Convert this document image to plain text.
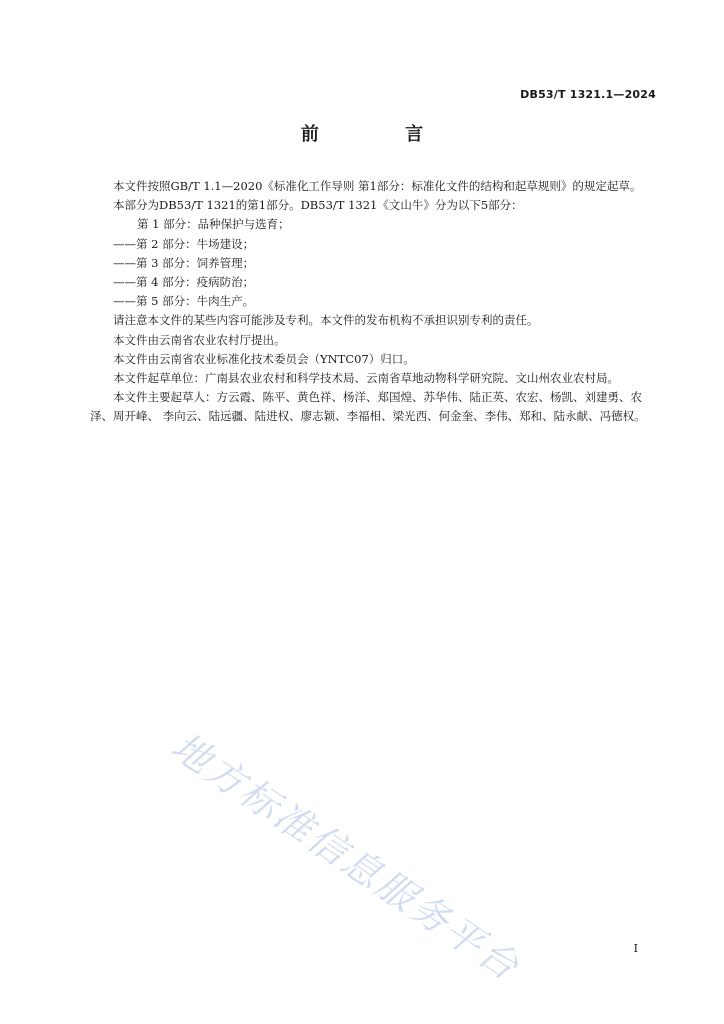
DB53/T 1321.1—2024
前 言

本文件按照GB/T 1.1—2020《标准化工作导则 第1部分：标准化文件的结构和起草规则》的规定起草。

本部分为DB53/T 1321的第1部分。DB53/T 1321《文山牛》分为以下5部分：

第 1 部分：品种保护与选育；

——第 2 部分：牛场建设；

——第 3 部分：饲养管理；

——第 4 部分：疫病防治；

——第 5 部分：牛肉生产。

请注意本文件的某些内容可能涉及专利。本文件的发布机构不承担识别专利的责任。

本文件由云南省农业农村厅提出。

本文件由云南省农业标准化技术委员会（YNTC07）归口。

本文件起草单位：广南县农业农村和科学技术局、云南省草地动物科学研究院、文山州农业农村局。

本文件主要起草人：方云霞、陈平、黄色祥、杨洋、郑国煌、苏华伟、陆正英、农宏、杨凯、刘建勇、农泽、周开峰、 李向云、陆远疆、陆进权、廖志颖、李福相、梁光西、何金奎、李伟、郑和、陆永献、冯德权。

地方标准信息服务平台	I
